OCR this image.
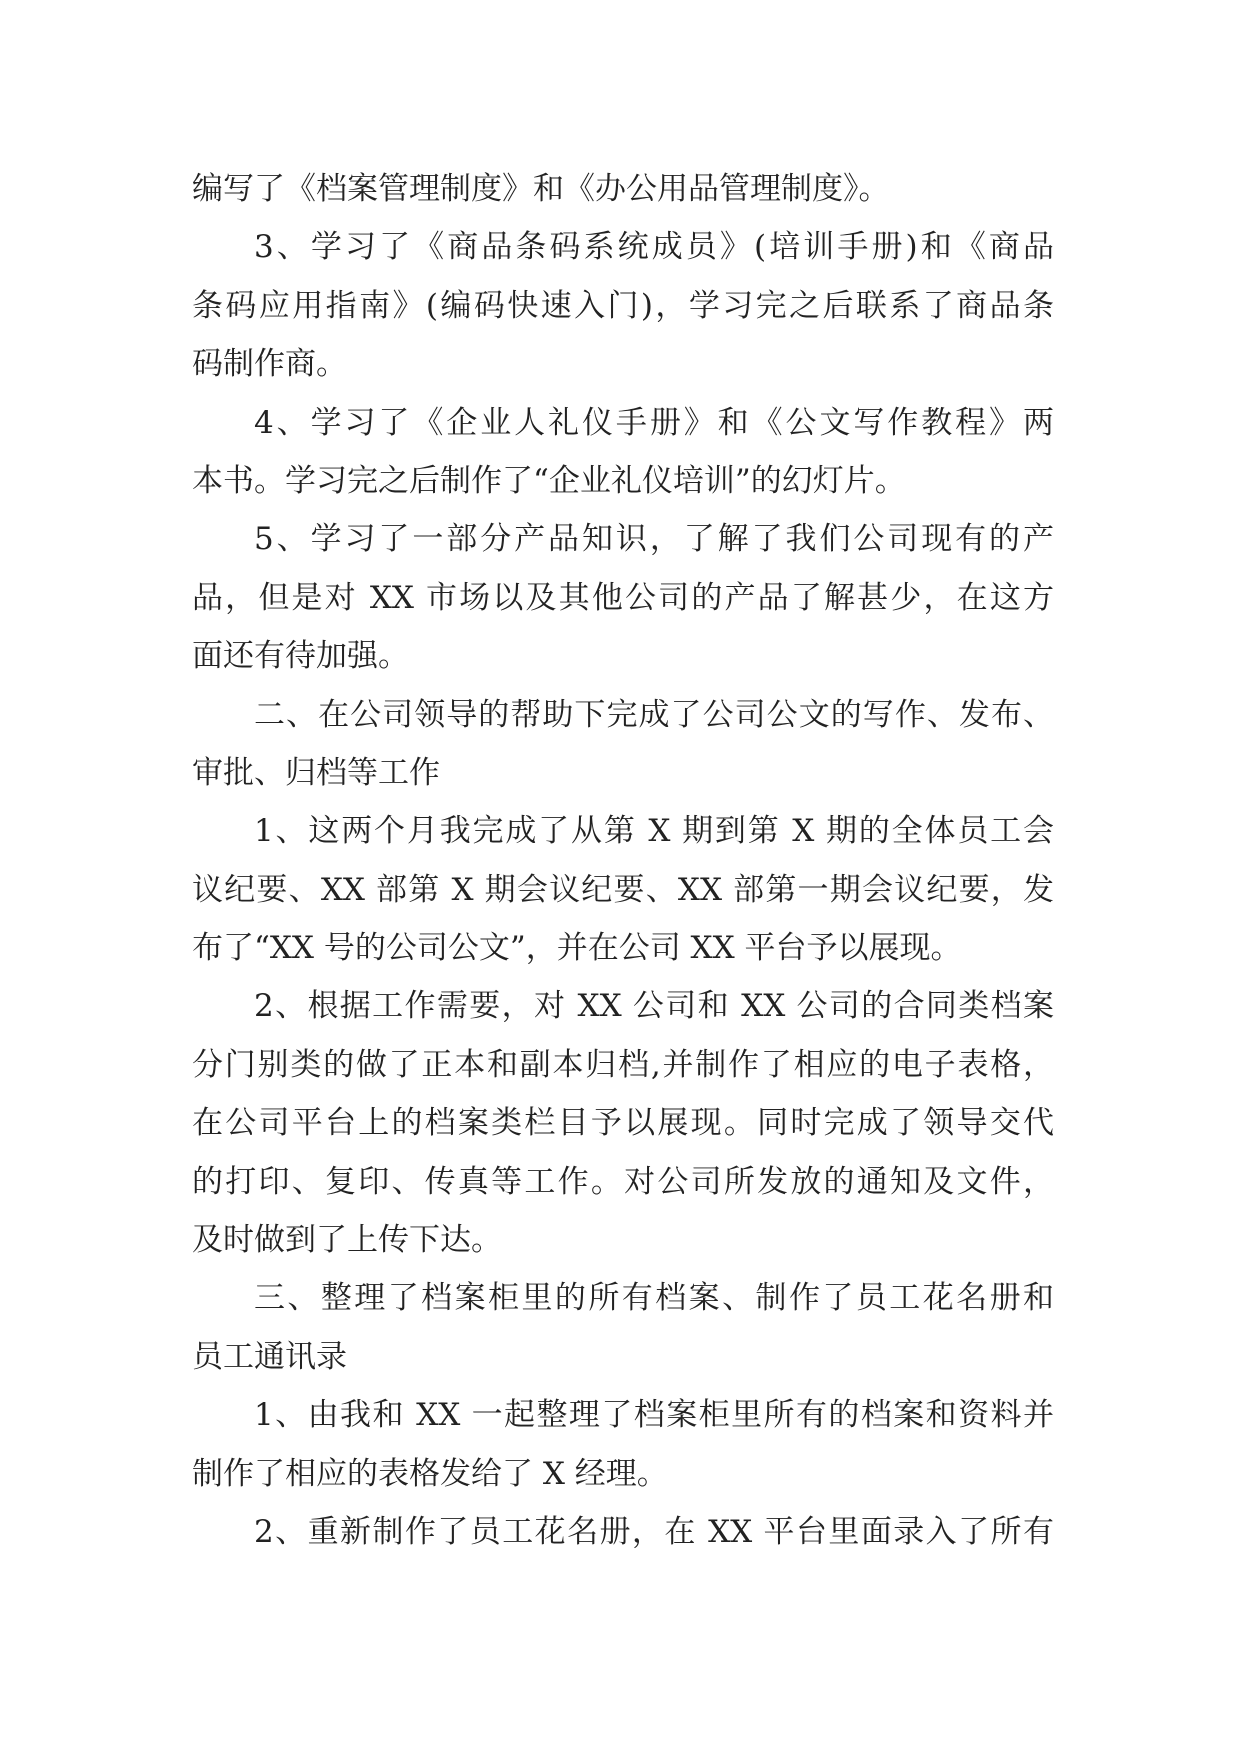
编写了《档案管理制度》和《办公用品管理制度》。
3、学习了《商品条码系统成员》(培训手册)和《商品
条码应用指南》(编码快速入门)，学习完之后联系了商品条
码制作商。
4、学习了《企业人礼仪手册》和《公文写作教程》两
本书。学习完之后制作了“企业礼仪培训”的幻灯片。
5、学习了一部分产品知识，了解了我们公司现有的产
品，但是对 XX 市场以及其他公司的产品了解甚少，在这方
面还有待加强。
二、在公司领导的帮助下完成了公司公文的写作、发布、
审批、归档等工作
1、这两个月我完成了从第 X 期到第 X 期的全体员工会
议纪要、XX 部第 X 期会议纪要、XX 部第一期会议纪要，发
布了“XX 号的公司公文”，并在公司 XX 平台予以展现。
2、根据工作需要，对 XX 公司和 XX 公司的合同类档案
分门别类的做了正本和副本归档,并制作了相应的电子表格，
在公司平台上的档案类栏目予以展现。同时完成了领导交代
的打印、复印、传真等工作。对公司所发放的通知及文件，
及时做到了上传下达。
三、整理了档案柜里的所有档案、制作了员工花名册和
员工通讯录
1、由我和 XX 一起整理了档案柜里所有的档案和资料并
制作了相应的表格发给了 X 经理。
2、重新制作了员工花名册，在 XX 平台里面录入了所有
